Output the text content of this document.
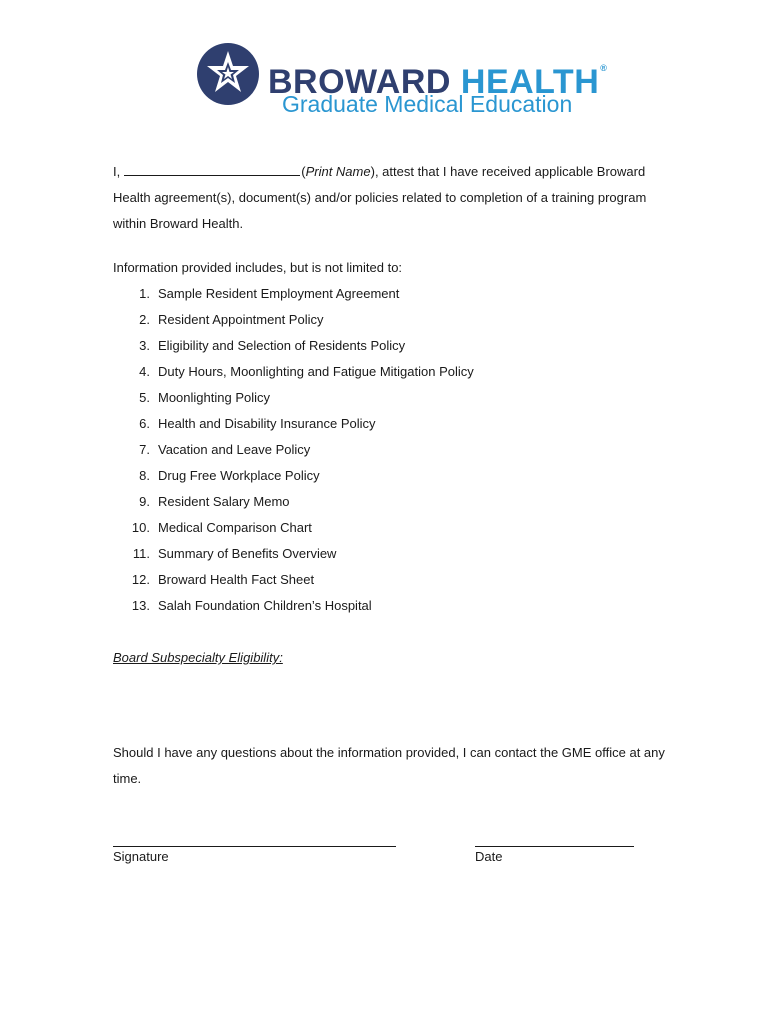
BROWARD HEALTH®
Graduate Medical Education
I,	(Print Name), attest that I have received applicable Broward Health agreement(s), document(s) and/or policies related to completion of a training program within Broward Health.
Information provided includes, but is not limited to:
1. Sample Resident Employment Agreement
2. Resident Appointment Policy
3. Eligibility and Selection of Residents Policy
4. Duty Hours, Moonlighting and Fatigue Mitigation Policy
5. Moonlighting Policy
6. Health and Disability Insurance Policy
7. Vacation and Leave Policy
8. Drug Free Workplace Policy
9. Resident Salary Memo
10. Medical Comparison Chart
11. Summary of Benefits Overview
12. Broward Health Fact Sheet
13. Salah Foundation Children’s Hospital
Board Subspecialty Eligibility:
Should I have any questions about the information provided, I can contact the GME office at any time.
Signature	Date
